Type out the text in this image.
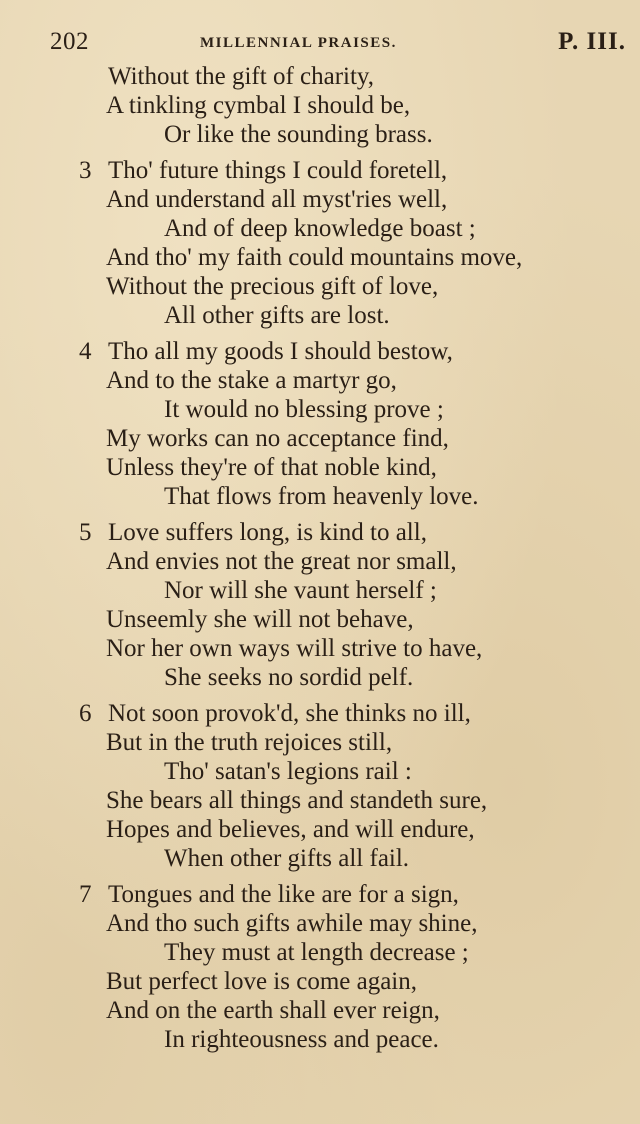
202	MILLENNIAL PRAISES.	P. III.
Without the gift of charity,
A tinkling cymbal I should be,
Or like the sounding brass.
3 Tho' future things I could foretell,
And understand all myst'ries well,
And of deep knowledge boast ;
And tho' my faith could mountains move,
Without the precious gift of love,
All other gifts are lost.
4 Tho all my goods I should bestow,
And to the stake a martyr go,
It would no blessing prove ;
My works can no acceptance find,
Unless they're of that noble kind,
That flows from heavenly love.
5 Love suffers long, is kind to all,
And envies not the great nor small,
Nor will she vaunt herself ;
Unseemly she will not behave,
Nor her own ways will strive to have,
She seeks no sordid pelf.
6 Not soon provok'd, she thinks no ill,
But in the truth rejoices still,
Tho' satan's legions rail :
She bears all things and standeth sure,
Hopes and believes, and will endure,
When other gifts all fail.
7 Tongues and the like are for a sign,
And tho such gifts awhile may shine,
They must at length decrease ;
But perfect love is come again,
And on the earth shall ever reign,
In righteousness and peace.
